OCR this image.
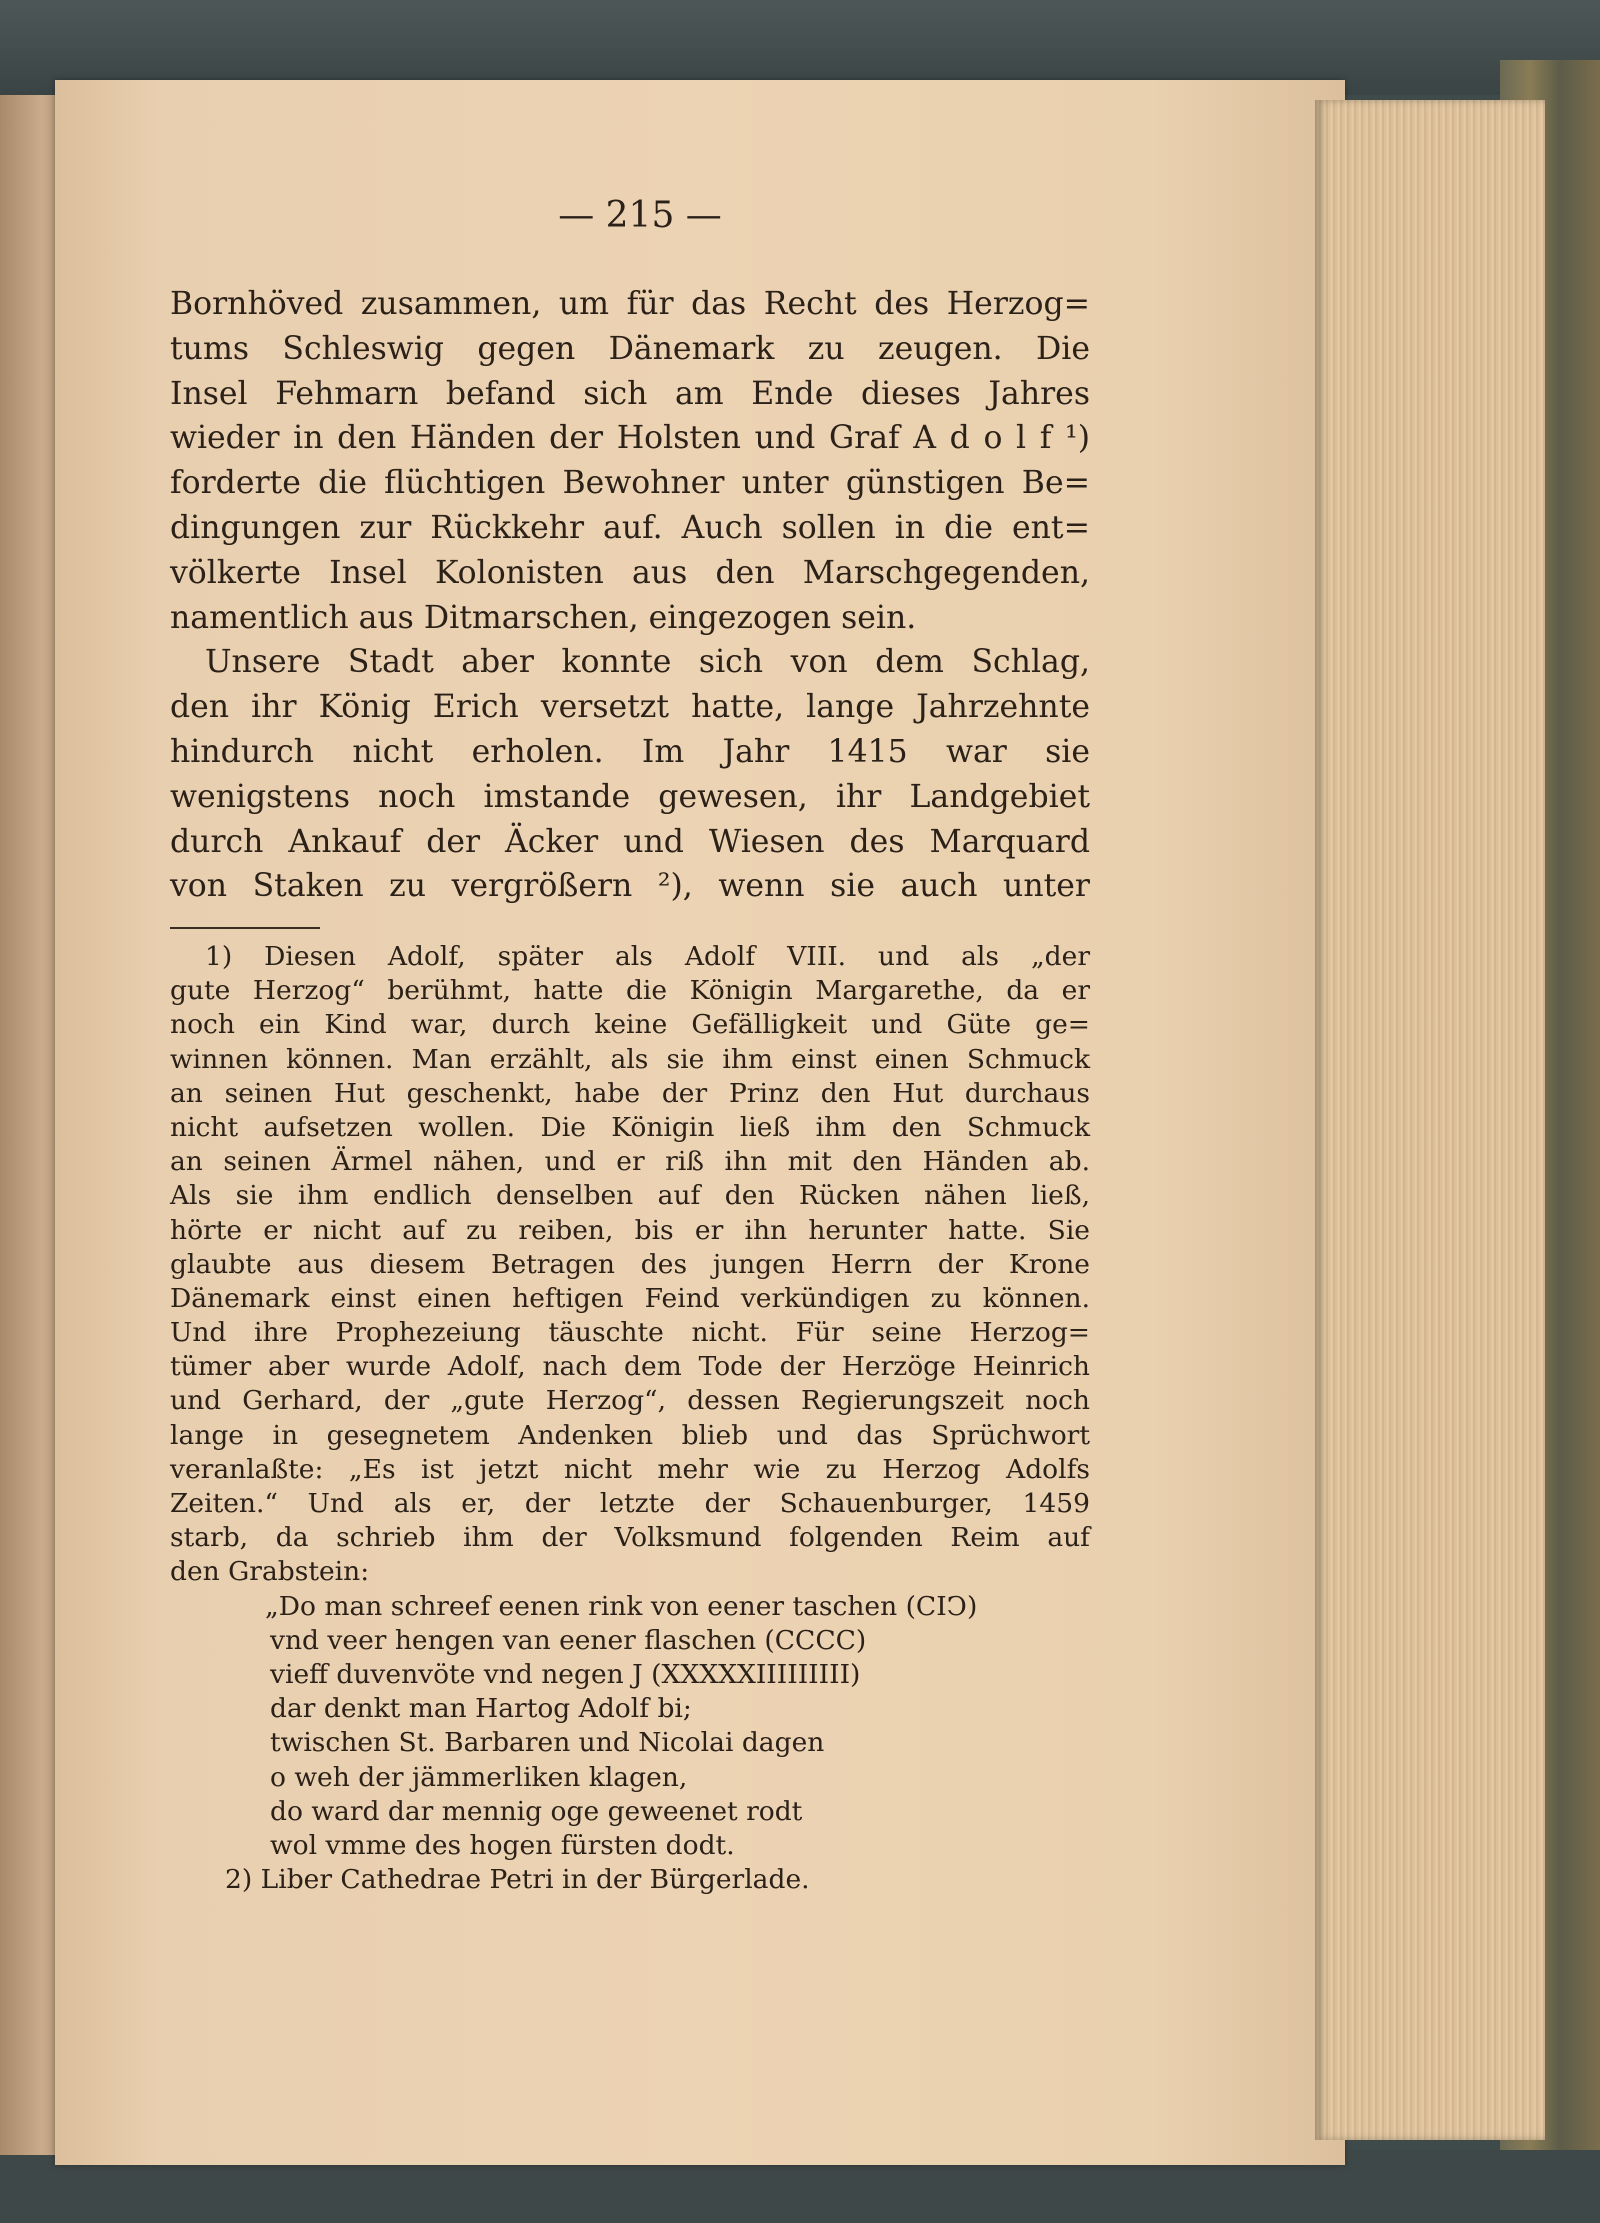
— 215 —
Bornhöved zusammen, um für das Recht des Herzog=
tums Schleswig gegen Dänemark zu zeugen. Die
Insel Fehmarn befand sich am Ende dieses Jahres
wieder in den Händen der Holsten und Graf A d o l f ¹)
forderte die flüchtigen Bewohner unter günstigen Be=
dingungen zur Rückkehr auf. Auch sollen in die ent=
völkerte Insel Kolonisten aus den Marschgegenden,
namentlich aus Ditmarschen, eingezogen sein.
Unsere Stadt aber konnte sich von dem Schlag,
den ihr König Erich versetzt hatte, lange Jahrzehnte
hindurch nicht erholen. Im Jahr 1415 war sie
wenigstens noch imstande gewesen, ihr Landgebiet
durch Ankauf der Äcker und Wiesen des Marquard
von Staken zu vergrößern ²), wenn sie auch unter
1) Diesen Adolf, später als Adolf VIII. und als „der
gute Herzog“ berühmt, hatte die Königin Margarethe, da er
noch ein Kind war, durch keine Gefälligkeit und Güte ge=
winnen können. Man erzählt, als sie ihm einst einen Schmuck
an seinen Hut geschenkt, habe der Prinz den Hut durchaus
nicht aufsetzen wollen. Die Königin ließ ihm den Schmuck
an seinen Ärmel nähen, und er riß ihn mit den Händen ab.
Als sie ihm endlich denselben auf den Rücken nähen ließ,
hörte er nicht auf zu reiben, bis er ihn herunter hatte. Sie
glaubte aus diesem Betragen des jungen Herrn der Krone
Dänemark einst einen heftigen Feind verkündigen zu können.
Und ihre Prophezeiung täuschte nicht. Für seine Herzog=
tümer aber wurde Adolf, nach dem Tode der Herzöge Heinrich
und Gerhard, der „gute Herzog“, dessen Regierungszeit noch
lange in gesegnetem Andenken blieb und das Sprüchwort
veranlaßte: „Es ist jetzt nicht mehr wie zu Herzog Adolfs
Zeiten.“ Und als er, der letzte der Schauenburger, 1459
starb, da schrieb ihm der Volksmund folgenden Reim auf
den Grabstein:
„Do man schreef eenen rink von eener taschen (CIↃ)
vnd veer hengen van eener flaschen (CCCC)
vieff duvenvöte vnd negen J (XXXXXIIIIIIIII)
dar denkt man Hartog Adolf bi;
twischen St. Barbaren und Nicolai dagen
o weh der jämmerliken klagen,
do ward dar mennig oge geweenet rodt
wol vmme des hogen fürsten dodt.
2) Liber Cathedrae Petri in der Bürgerlade.
